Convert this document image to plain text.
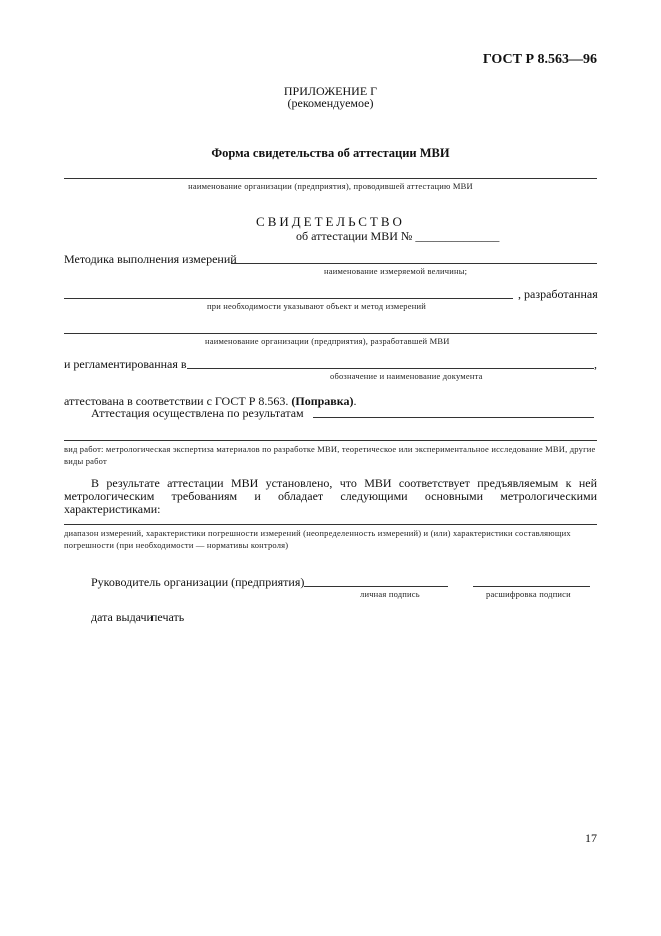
ГОСТ Р 8.563—96
ПРИЛОЖЕНИЕ Г
(рекомендуемое)
Форма свидетельства об аттестации МВИ
наименование организации (предприятия), проводившей аттестацию МВИ
СВИДЕТЕЛЬСТВО
об аттестации МВИ № ______________
Методика выполнения измерений
наименование измеряемой величины;
, разработанная
при необходимости указывают объект и метод измерений
наименование организации (предприятия), разработавшей МВИ
и регламентированная в	,
обозначение и наименование документа
аттестована в соответствии с ГОСТ Р 8.563. (Поправка).
Аттестация осуществлена по результатам
вид работ: метрологическая экспертиза материалов по разработке МВИ, теоретическое или экспериментальное исследование МВИ, другие виды работ
В результате аттестации МВИ установлено, что МВИ соответствует предъявляемым к ней метрологическим требованиям и обладает следующими основными метрологическими характеристиками:
диапазон измерений, характеристики погрешности измерений (неопределенность измерений) и (или) характеристики составляющих погрешности (при необходимости — нормативы контроля)
Руководитель организации (предприятия)
личная подпись	расшифровка подписи
дата выдачи
печать
17
